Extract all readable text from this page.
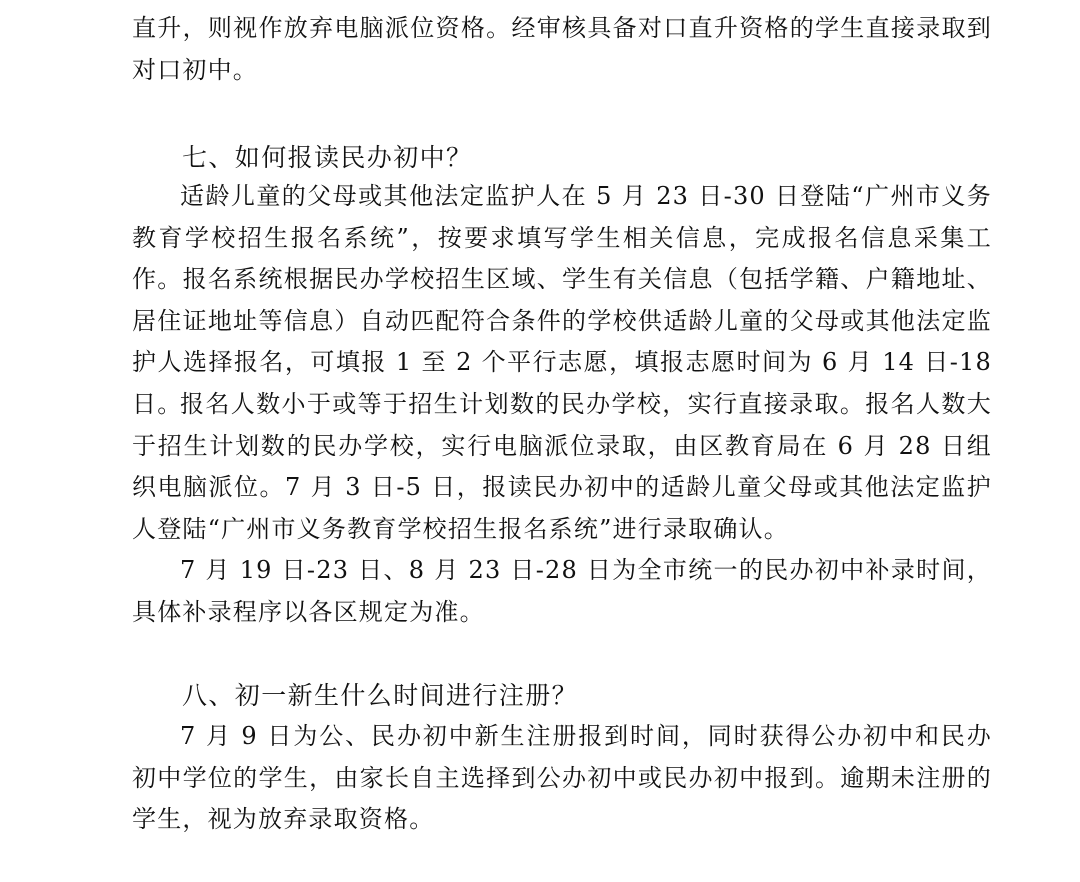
直升，则视作放弃电脑派位资格。经审核具备对口直升资格的学生直接录取到对口初中。

七、如何报读民办初中？

适龄儿童的父母或其他法定监护人在 5 月 23 日-30 日登陆“广州市义务教育学校招生报名系统”，按要求填写学生相关信息，完成报名信息采集工作。报名系统根据民办学校招生区域、学生有关信息（包括学籍、户籍地址、居住证地址等信息）自动匹配符合条件的学校供适龄儿童的父母或其他法定监护人选择报名，可填报 1 至 2 个平行志愿，填报志愿时间为 6 月 14 日-18 日。

报名人数小于或等于招生计划数的民办学校，实行直接录取。报名人数大于招生计划数的民办学校，实行电脑派位录取，由区教育局在 6 月 28 日组织电脑派位。7 月 3 日-5 日，报读民办初中的适龄儿童父母或其他法定监护人登陆“广州市义务教育学校招生报名系统”进行录取确认。

7 月 19 日-23 日、8 月 23 日-28 日为全市统一的民办初中补录时间，具体补录程序以各区规定为准。

八、初一新生什么时间进行注册？

7 月 9 日为公、民办初中新生注册报到时间，同时获得公办初中和民办初中学位的学生，由家长自主选择到公办初中或民办初中报到。逾期未注册的学生，视为放弃录取资格。
